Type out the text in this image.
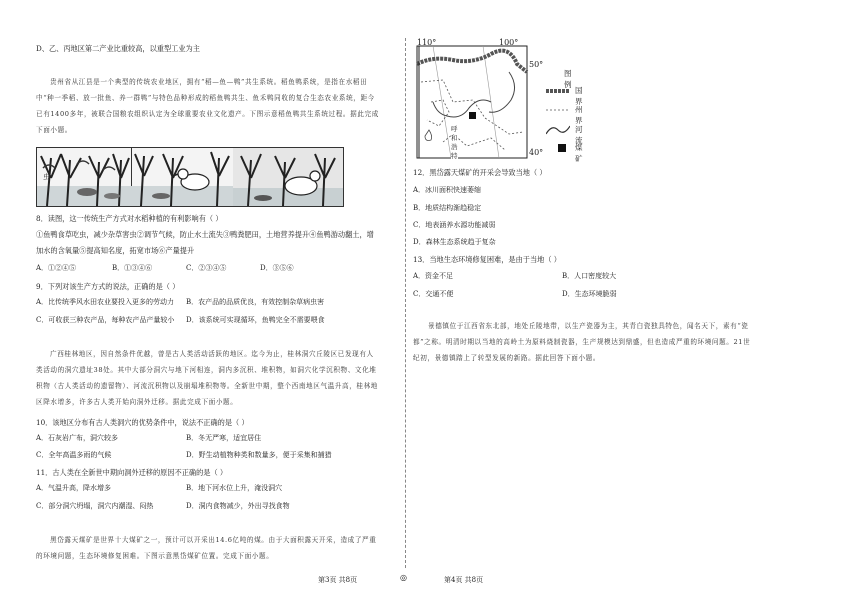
D、乙、丙地区第二产业比重较高，以重型工业为主
贵州省从江县是一个典型的传统农业地区，拥有“稻—鱼—鸭”共生系统。稻鱼鸭系统，是指在水稻田
中“种一季稻、放一批鱼、养一群鸭”与特色品种形成的稻鱼鸭共生、鱼禾鸭同收的复合生态农业系统，距今
已有1400多年，被联合国粮农组织认定为全球重要农业文化遗产。下图示意稻鱼鸭共生系统过程。据此完成
下面小题。
虫
8．读图，这一传统生产方式对水稻种植的有利影响有（ ）
①鱼鸭食草吃虫，减少杂草害虫②调节气候，防止水土流失③鸭粪肥田，土地营养提升④鱼鸭游动翻土，增
加水的含氧量⑤提高知名度，拓宽市场⑥产量提升
A．①②④⑤	B．①③④⑥	C．②③④⑤	D．③⑤⑥
9．下列对该生产方式的说法，正确的是（ ）
A．比传统季风水田农业要投入更多的劳动力 B．农产品的品质优良，有效控制杂草病虫害
C．可收获三种农产品，每种农产品产量较小 D．该系统可实现循环，鱼鸭完全不需要喂食
广西桂林地区，因自然条件优越，曾是古人类活动活跃的地区。迄今为止，桂林洞穴丘陵区已发现有人
类活动的洞穴遗址38处。其中大部分洞穴与地下河相连，洞内多沉积、堆积物，如洞穴化学沉积物、文化堆
积物（古人类活动的遗留物）、河流沉积物以及崩塌堆积物等。全新世中期，整个西南地区气温升高，桂林地
区降水增多，许多古人类开始向洞外迁移。据此完成下面小题。
10．该地区分布有古人类洞穴的优势条件中，说法不正确的是（ ）
A．石灰岩广布，洞穴较多	B．冬无严寒，适宜居住
C．全年高温多雨的气候	D．野生动植物种类和数量多，便于采集和捕猎
11．古人类在全新世中期向洞外迁移的原因不正确的是（ ）
A．气温升高，降水增多	B．地下河水位上升，淹没洞穴
C．部分洞穴坍塌，洞穴内潮湿、闷热	D．洞内食物减少，外出寻找食物
黑岱露天煤矿是世界十大煤矿之一，预计可以开采出14.6亿吨的煤。由于大面积露天开采，造成了严重
的环境问题，生态环境修复困难。下图示意黑岱煤矿位置。完成下面小题。
第3页 共8页	◎
110°	100°
50°
40°
呼和浩特
图 例
国界
州界
河流
煤矿
12．黑岱露天煤矿的开采会导致当地（ ）
A．冰川面积快速萎缩
B．地质结构渐趋稳定
C．地表涵养水源功能减弱
D．森林生态系统趋于复杂
13．当地生态环境修复困难，是由于当地（ ）
A．资金不足	B．人口密度较大
C．交通不便	D．生态环境脆弱
景德镇位于江西省东北部，地处丘陵地带，以生产瓷器为主，其青白瓷独具特色，闻名天下，素有“瓷
都”之称。明清时期以当地的高岭土为原料烧制瓷器，生产规模达到鼎盛，但也造成严重的环境问题。21世
纪初，景德镇踏上了转型发展的新路。据此回答下面小题。
第4页 共8页
